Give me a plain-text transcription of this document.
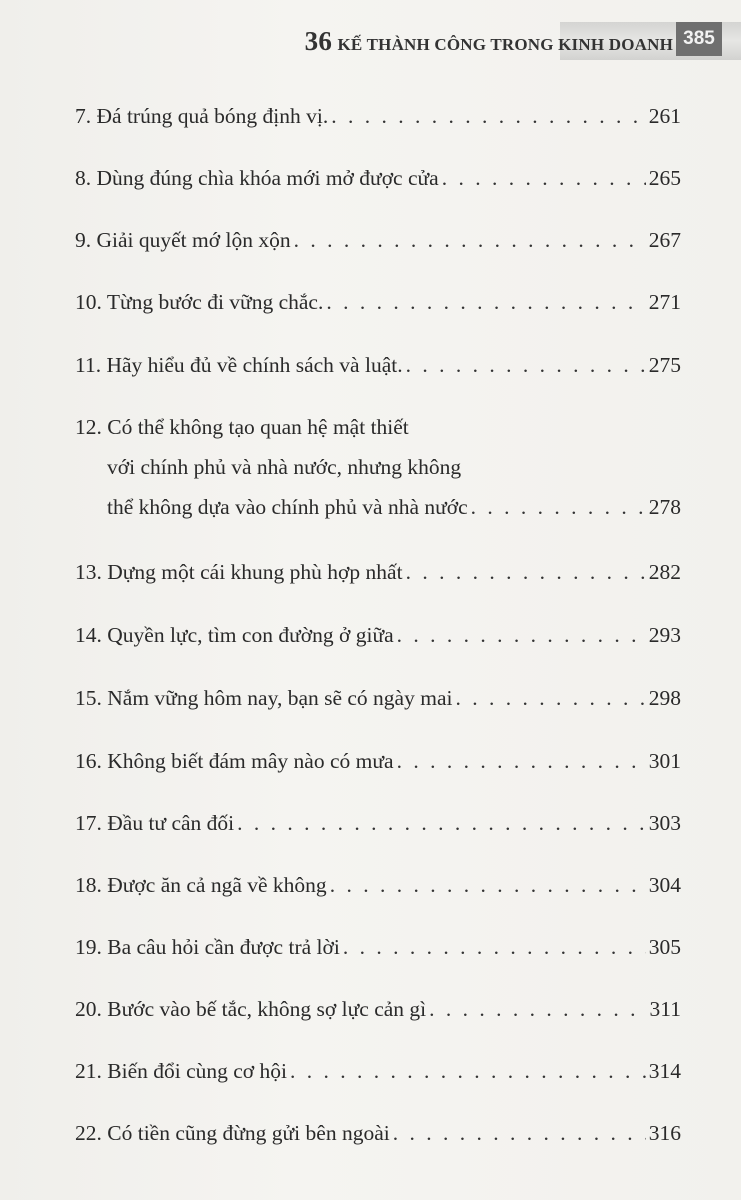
36 KẾ THÀNH CÔNG TRONG KINH DOANH 385
7. Đá trúng quả bóng định vị. . . .	261
8. Dùng đúng chìa khóa mới mở được cửa . . .	265
9. Giải quyết mớ lộn xộn . . .	267
10. Từng bước đi vững chắc. . . .	271
11. Hãy hiểu đủ về chính sách và luật. . . .	275
12. Có thể không tạo quan hệ mật thiết
với chính phủ và nhà nước, nhưng không
thể không dựa vào chính phủ và nhà nước . . .	278
13. Dựng một cái khung phù hợp nhất . . .	282
14. Quyền lực, tìm con đường ở giữa . . .	293
15. Nắm vững hôm nay, bạn sẽ có ngày mai . . .	298
16. Không biết đám mây nào có mưa . . .	301
17. Đầu tư cân đối . . .	303
18. Được ăn cả ngã về không . . .	304
19. Ba câu hỏi cần được trả lời . . .	305
20. Bước vào bế tắc, không sợ lực cản gì . . .	311
21. Biến đổi cùng cơ hội . . .	314
22. Có tiền cũng đừng gửi bên ngoài . . .	316
